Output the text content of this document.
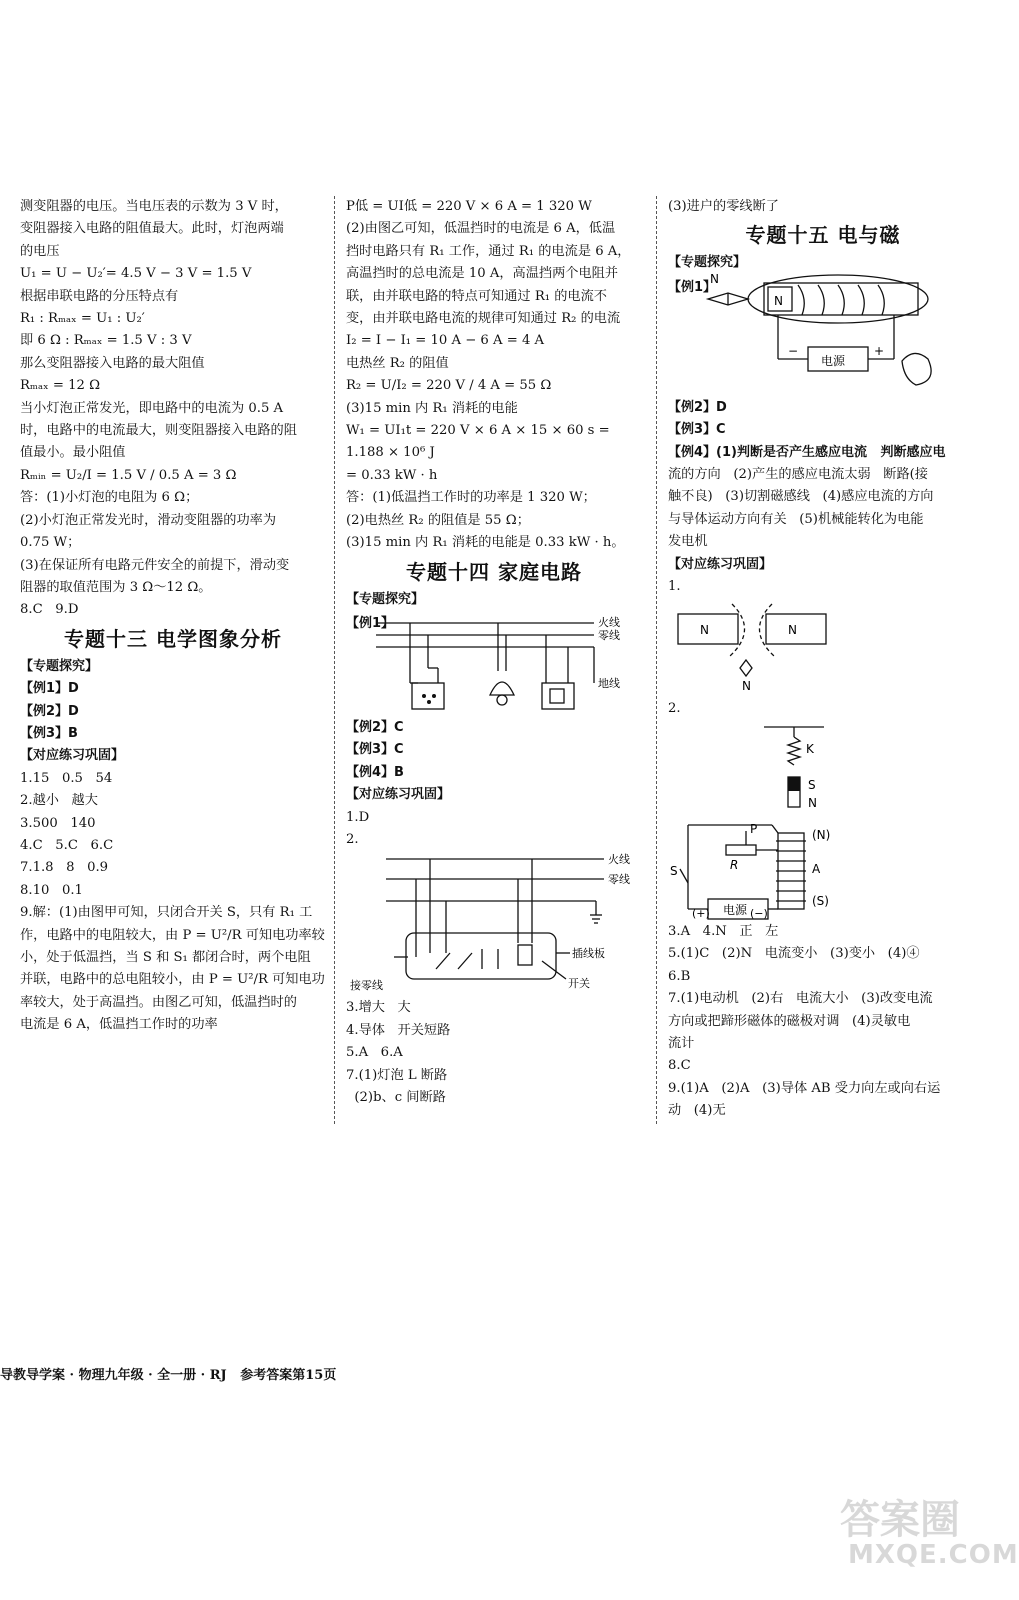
测变阻器的电压。当电压表的示数为 3 V 时，

变阻器接入电路的阻值最大。此时，灯泡两端

的电压

U₁ = U − U₂′= 4.5 V − 3 V = 1.5 V

根据串联电路的分压特点有

R₁ : Rₘₐₓ = U₁ : U₂′

即 6 Ω : Rₘₐₓ = 1.5 V : 3 V

那么变阻器接入电路的最大阻值

Rₘₐₓ = 12 Ω

当小灯泡正常发光，即电路中的电流为 0.5 A

时，电路中的电流最大，则变阻器接入电路的阻

值最小。最小阻值

Rₘᵢₙ = U₂/I = 1.5 V / 0.5 A = 3 Ω

答：(1)小灯泡的电阻为 6 Ω；

(2)小灯泡正常发光时，滑动变阻器的功率为

0.75 W；

(3)在保证所有电路元件安全的前提下，滑动变

阻器的取值范围为 3 Ω～12 Ω。

8.C   9.D

专题十三 电学图象分析

【专题探究】

【例1】D

【例2】D

【例3】B

【对应练习巩固】

1.15   0.5   54

2.越小   越大

3.500   140

4.C   5.C   6.C

7.1.8   8   0.9

8.10   0.1

9.解：(1)由图甲可知，只闭合开关 S，只有 R₁ 工

作，电路中的电阻较大，由 P = U²/R 可知电功率较

小，处于低温挡，当 S 和 S₁ 都闭合时，两个电阻

并联，电路中的总电阻较小，由 P = U²/R 可知电功

率较大，处于高温挡。由图乙可知，低温挡时的

电流是 6 A，低温挡工作时的功率

P低 = UI低 = 220 V × 6 A = 1 320 W

(2)由图乙可知，低温挡时的电流是 6 A，低温

挡时电路只有 R₁ 工作，通过 R₁ 的电流是 6 A，

高温挡时的总电流是 10 A，高温挡两个电阻并

联，由并联电路的特点可知通过 R₁ 的电流不

变，由并联电路电流的规律可知通过 R₂ 的电流

I₂ = I − I₁ = 10 A − 6 A = 4 A

电热丝 R₂ 的阻值

R₂ = U/I₂ = 220 V / 4 A = 55 Ω

(3)15 min 内 R₁ 消耗的电能

W₁ = UI₁t = 220 V × 6 A × 15 × 60 s = 1.188 × 10⁶ J

= 0.33 kW · h

答：(1)低温挡工作时的功率是 1 320 W；

(2)电热丝 R₂ 的阻值是 55 Ω；

(3)15 min 内 R₁ 消耗的电能是 0.33 kW · h。

专题十四 家庭电路

【专题探究】

【例1】	火线
零线
地线

【例2】C

【例3】C

【例4】B

【对应练习巩固】

1.D

2.

火线
零线
插线板
开关
接零线

3.增大   大

4.导体   开关短路

5.A   6.A

7.(1)灯泡 L 断路

(2)b、c 间断路

(3)进户的零线断了

专题十五 电与磁

【专题探究】

【例1】
N
N
电源
−	+

【例2】D

【例3】C

【例4】(1)判断是否产生感应电流   判断感应电

流的方向   (2)产生的感应电流太弱   断路(接

触不良)   (3)切割磁感线   (4)感应电流的方向

与导体运动方向有关   (5)机械能转化为电能

发电机

【对应练习巩固】

1.

N	N
N

2.

K
S
N
P
R
(N)
A
(S)
S
电源
(+)	(−)

3.A   4.N   正   左

5.(1)C   (2)N   电流变小   (3)变小   (4)④

6.B

7.(1)电动机   (2)右   电流大小   (3)改变电流

方向或把蹄形磁体的磁极对调   (4)灵敏电

流计

8.C

9.(1)A   (2)A   (3)导体 AB 受力向左或向右运

动   (4)无

导教导学案 · 物理九年级 · 全一册 · RJ   参考答案第15页
答案圈
MXQE.COM
